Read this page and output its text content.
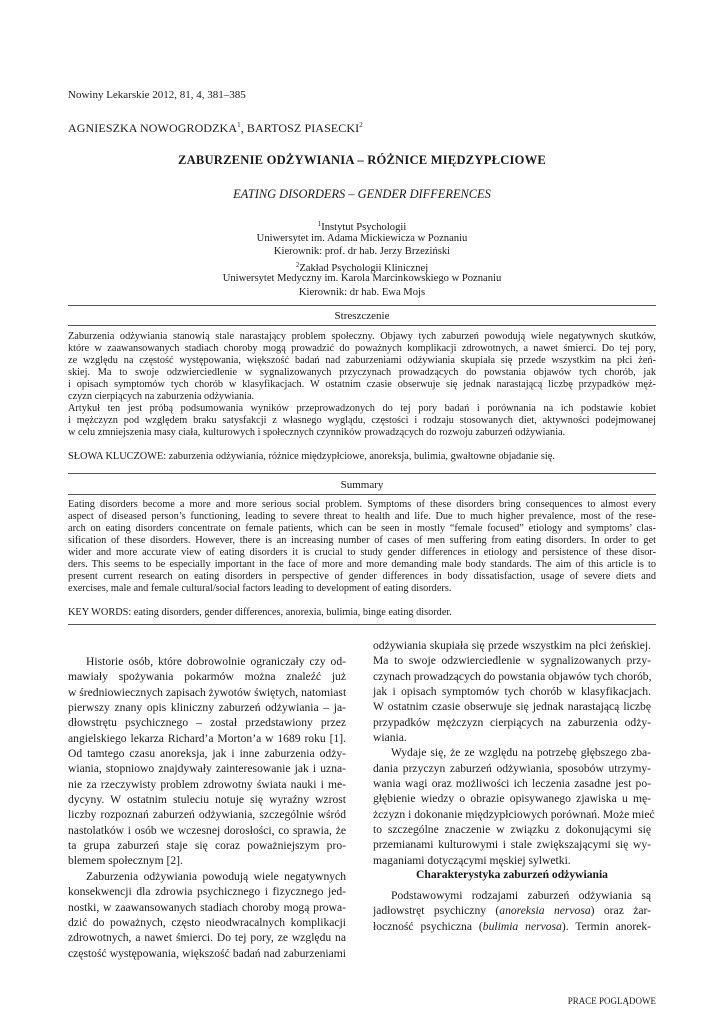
Nowiny Lekarskie 2012, 81, 4, 381–385
AGNIESZKA NOWOGRODZKA$^1$, BARTOSZ PIASECKI$^2$
ZABURZENIE ODŻYWIANIA – RÓŻNICE MIĘDZYPŁCIOWE
EATING DISORDERS – GENDER DIFFERENCES
$^1$Instytut Psychologii
Uniwersytet im. Adama Mickiewicza w Poznaniu
Kierownik: prof. dr hab. Jerzy Brzeziński
$^2$Zakład Psychologii Klinicznej
Uniwersytet Medyczny im. Karola Marcinkowskiego w Poznaniu
Kierownik: dr hab. Ewa Mojs
Streszczenie
Zaburzenia odżywiania stanowią stale narastający problem społeczny. Objawy tych zaburzeń powodują wiele negatywnych skutków,
które w zaawansowanych stadiach choroby mogą prowadzić do poważnych komplikacji zdrowotnych, a nawet śmierci. Do tej pory,
ze względu na częstość występowania, większość badań nad zaburzeniami odżywiania skupiała się przede wszystkim na płci żeń-
skiej. Ma to swoje odzwierciedlenie w sygnalizowanych przyczynach prowadzących do powstania objawów tych chorób, jak
i opisach symptomów tych chorób w klasyfikacjach. W ostatnim czasie obserwuje się jednak narastającą liczbę przypadków męż-
czyzn cierpiących na zaburzenia odżywiania.
Artykuł ten jest próbą podsumowania wyników przeprowadzonych do tej pory badań i porównania na ich podstawie kobiet
i mężczyzn pod względem braku satysfakcji z własnego wyglądu, częstości i rodzaju stosowanych diet, aktywności podejmowanej
w celu zmniejszenia masy ciała, kulturowych i społecznych czynników prowadzących do rozwoju zaburzeń odżywiania.
SŁOWA KLUCZOWE: zaburzenia odżywiania, różnice międzypłciowe, anoreksja, bulimia, gwałtowne objadanie się.
Summary
Eating disorders become a more and more serious social problem. Symptoms of these disorders bring consequences to almost every
aspect of diseased person’s functioning, leading to severe threat to health and life. Due to much higher prevalence, most of the rese-
arch on eating disorders concentrate on female patients, which can be seen in mostly “female focused” etiology and symptoms’ clas-
sification of these disorders. However, there is an increasing number of cases of men suffering from eating disorders. In order to get
wider and more accurate view of eating disorders it is crucial to study gender differences in etiology and persistence of these disor-
ders. This seems to be especially important in the face of more and more demanding male body standards. The aim of this article is to
present current research on eating disorders in perspective of gender differences in body dissatisfaction, usage of severe diets and
exercises, male and female cultural/social factors leading to development of eating disorders.
KEY WORDS: eating disorders, gender differences, anorexia, bulimia, binge eating disorder.
Historie osób, które dobrowolnie ograniczały czy od-
mawiały spożywania pokarmów można znaleźć już
w średniowiecznych zapisach żywotów świętych, natomiast
pierwszy znany opis kliniczny zaburzeń odżywiania – ja-
dłowstrętu psychicznego – został przedstawiony przez
angielskiego lekarza Richard’a Morton’a w 1689 roku [1].
Od tamtego czasu anoreksja, jak i inne zaburzenia odży-
wiania, stopniowo znajdywały zainteresowanie jak i uzna-
nie za rzeczywisty problem zdrowotny świata nauki i me-
dycyny. W ostatnim stuleciu notuje się wyraźny wzrost
liczby rozpoznań zaburzeń odżywiania, szczególnie wśród
nastolatków i osób we wczesnej dorosłości, co sprawia, że
ta grupa zaburzeń staje się coraz poważniejszym pro-
blemem społecznym [2].
Zaburzenia odżywiania powodują wiele negatywnych
konsekwencji dla zdrowia psychicznego i fizycznego jed-
nostki, w zaawansowanych stadiach choroby mogą prowa-
dzić do poważnych, często nieodwracalnych komplikacji
zdrowotnych, a nawet śmierci. Do tej pory, ze względu na
częstość występowania, większość badań nad zaburzeniami
odżywiania skupiała się przede wszystkim na płci żeńskiej.
Ma to swoje odzwierciedlenie w sygnalizowanych przy-
czynach prowadzących do powstania objawów tych chorób,
jak i opisach symptomów tych chorób w klasyfikacjach.
W ostatnim czasie obserwuje się jednak narastającą liczbę
przypadków mężczyzn cierpiących na zaburzenia odży-
wiania.
Wydaje się, że ze względu na potrzebę głębszego zba-
dania przyczyn zaburzeń odżywiania, sposobów utrzymy-
wania wagi oraz możliwości ich leczenia zasadne jest po-
głębienie wiedzy o obrazie opisywanego zjawiska u mę-
żczyzn i dokonanie międzypłciowych porównań. Może mieć
to szczególne znaczenie w związku z dokonującymi się
przemianami kulturowymi i stale zwiększającymi się wy-
maganiami dotyczącymi męskiej sylwetki.
Charakterystyka zaburzeń odżywiania
Podstawowymi rodzajami zaburzeń odżywiania są
jadłowstręt psychiczny (anoreksia nervosa) oraz żar-
łoczność psychiczna (bulimia nervosa). Termin anorek-
PRACE POGLĄDOWE
